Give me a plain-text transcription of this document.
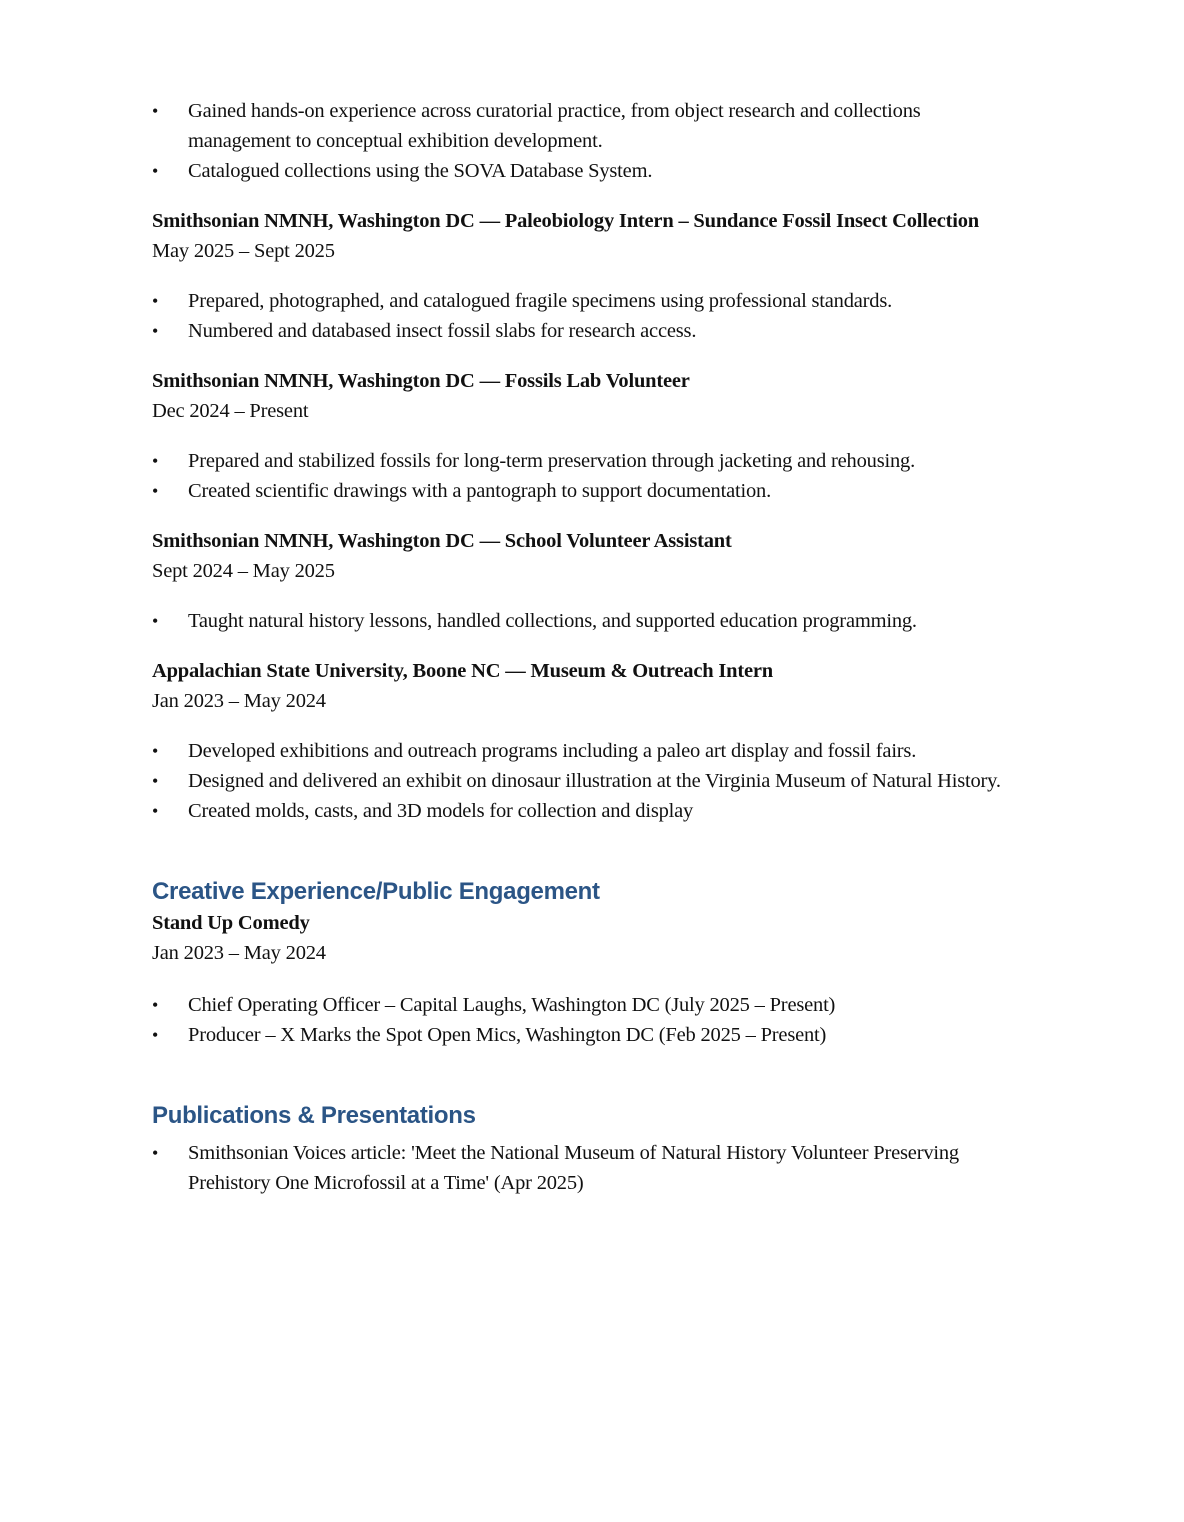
• Gained hands-on experience across curatorial practice, from object research and collections management to conceptual exhibition development.
• Catalogued collections using the SOVA Database System.
Smithsonian NMNH, Washington DC — Paleobiology Intern – Sundance Fossil Insect Collection
May 2025 – Sept 2025
• Prepared, photographed, and catalogued fragile specimens using professional standards.
• Numbered and databased insect fossil slabs for research access.
Smithsonian NMNH, Washington DC — Fossils Lab Volunteer
Dec 2024 – Present
• Prepared and stabilized fossils for long-term preservation through jacketing and rehousing.
• Created scientific drawings with a pantograph to support documentation.
Smithsonian NMNH, Washington DC — School Volunteer Assistant
Sept 2024 – May 2025
• Taught natural history lessons, handled collections, and supported education programming.
Appalachian State University, Boone NC — Museum & Outreach Intern
Jan 2023 – May 2024
• Developed exhibitions and outreach programs including a paleo art display and fossil fairs.
• Designed and delivered an exhibit on dinosaur illustration at the Virginia Museum of Natural History.
• Created molds, casts, and 3D models for collection and display
Creative Experience/Public Engagement
Stand Up Comedy
Jan 2023 – May 2024
• Chief Operating Officer – Capital Laughs, Washington DC (July 2025 – Present)
• Producer – X Marks the Spot Open Mics, Washington DC (Feb 2025 – Present)
Publications & Presentations
• Smithsonian Voices article: 'Meet the National Museum of Natural History Volunteer Preserving Prehistory One Microfossil at a Time' (Apr 2025)
